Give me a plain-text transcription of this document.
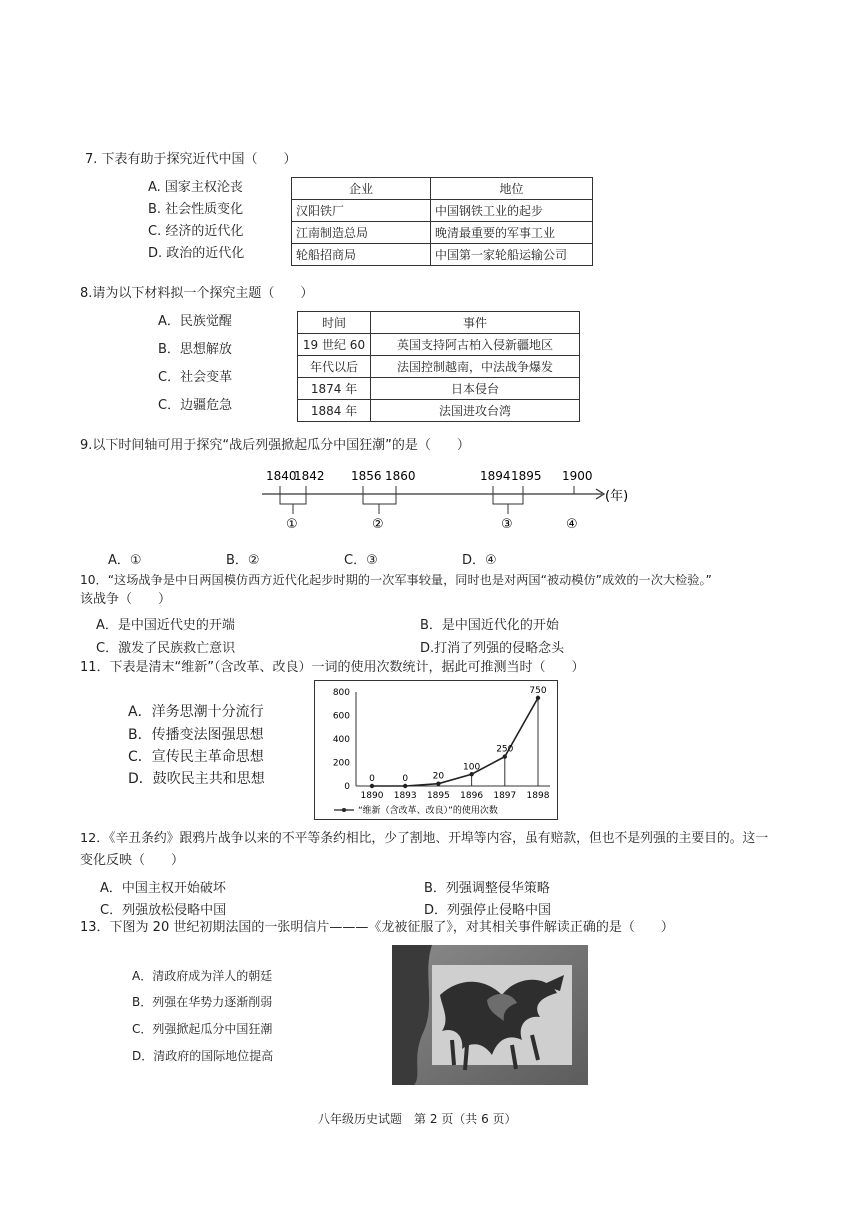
7. 下表有助于探究近代中国（　　）
A. 国家主权沦丧
B. 社会性质变化
C. 经济的近代化
D. 政治的近代化
企业	地位
汉阳铁厂	中国钢铁工业的起步
江南制造总局	晚清最重要的军事工业
轮船招商局	中国第一家轮船运输公司
8.请为以下材料拟一个探究主题（　　）
A．民族觉醒
B．思想解放
C．社会变革
C．边疆危急
时间	事件
19 世纪 60	英国支持阿古柏入侵新疆地区
年代以后	法国控制越南，中法战争爆发
1874 年	日本侵台
1884 年	法国进攻台湾
9.以下时间轴可用于探究“战后列强掀起瓜分中国狂潮”的是（　　）
(年)
1840
1842 1856 1860	1894 1895 1900
①	②	③	④
A．①	B．②	C．③	D．④
10．“这场战争是中日两国模仿西方近代化起步时期的一次军事较量，同时也是对两国“被动模仿”成效的一次大检验。”
该战争（　　）
A．是中国近代史的开端	B．是中国近代化的开始
C．激发了民族救亡意识	D.打消了列强的侵略念头
11．下表是清末“维新”（含改革、改良）一词的使用次数统计，据此可推测当时（　　）
A．洋务思潮十分流行
B．传播变法图强思想
C．宣传民主革命思想
D．鼓吹民主共和思想	0
200
400
600
800
0
1890
0
1893
20
1895
100
1896
250
1897
750
1898
“维新（含改革、改良）”的使用次数
12．《辛丑条约》跟鸦片战争以来的不平等条约相比，少了割地、开埠等内容，虽有赔款，但也不是列强的主要目的。这一
变化反映（　　）
A．中国主权开始破坏	B．列强调整侵华策略
C．列强放松侵略中国	D．列强停止侵略中国
13．下图为 20 世纪初期法国的一张明信片———《龙被征服了》，对其相关事件解读正确的是（　　）
A．清政府成为洋人的朝廷
B．列强在华势力逐渐削弱
C．列强掀起瓜分中国狂潮
D．清政府的国际地位提高
八年级历史试题　第 2 页（共 6 页）
